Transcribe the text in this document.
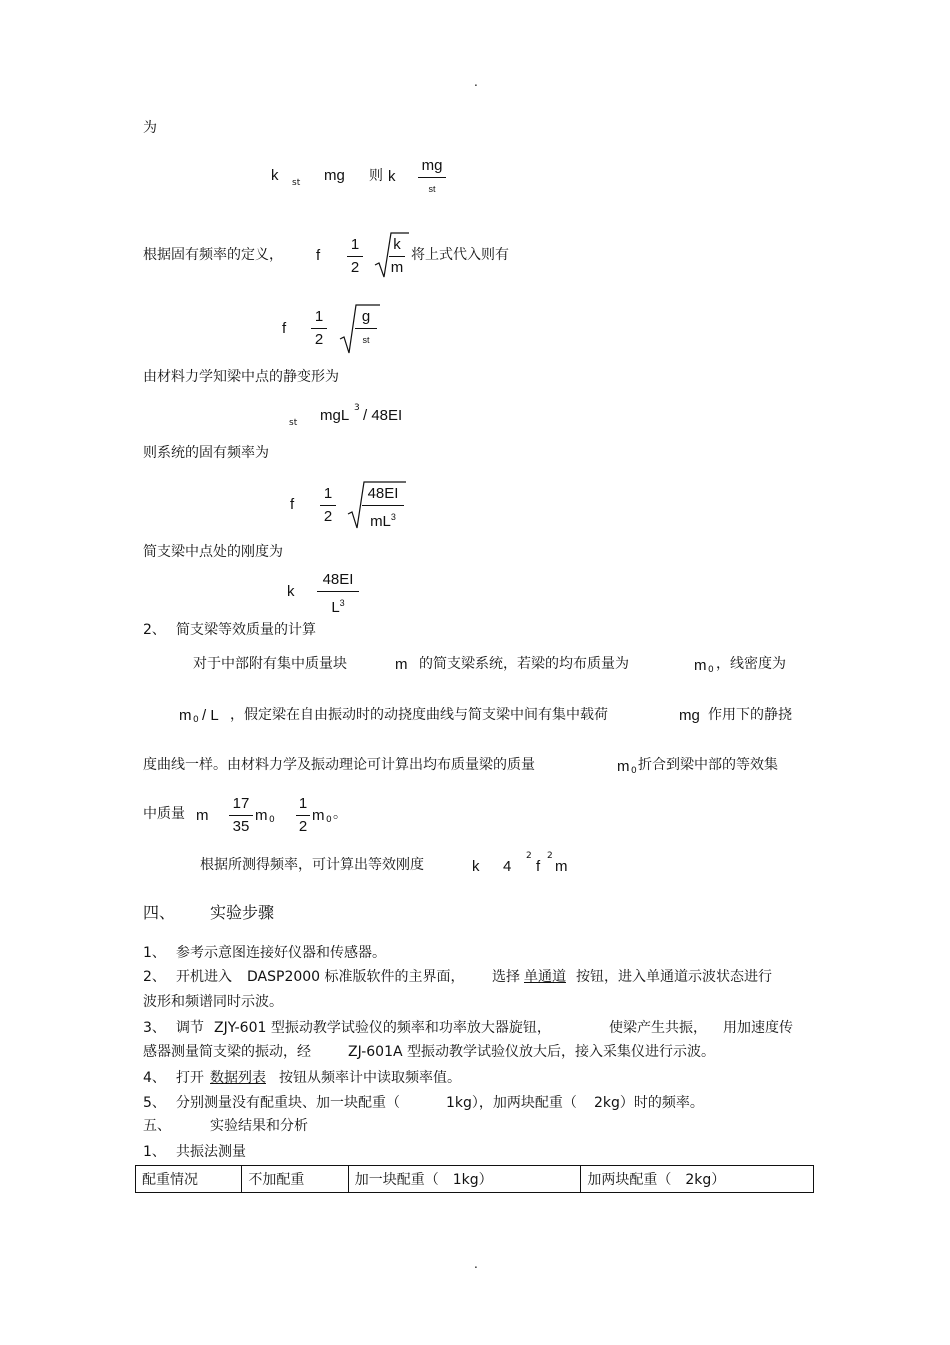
.
为
k st mg 则 k
mg
st
根据固有频率的定义， f
1
2
k
m
将上式代入则有
f
1
2
g
st
由材料力学知梁中点的静变形为
st mgL 3 / 48EI
则系统的固有频率为
f
1
2
48EI
$mL^3$
简支梁中点处的刚度为
k
48EI
$L^3$
2、 简支梁等效质量的计算
对于中部附有集中质量块	m 的简支梁系统，若梁的均布质量为	m 0 ，线密度为
m 0 / L ，假定梁在自由振动时的动挠度曲线与简支梁中间有集中载荷	mg 作用下的静挠
度曲线一样。由材料力学及振动理论可计算出均布质量梁的质量	m 0 折合到梁中部的等效集
中质量 m
17
35
m 0
1
2
m 0 。
根据所测得频率，可计算出等效刚度	k 4
2
f
2
m
四、 实验步骤
1、 参考示意图连接好仪器和传感器。
2、 开机进入 DASP2000 标准版软件的主界面， 选择 单通道 按钮，进入单通道示波状态进行
波形和频谱同时示波。
3、 调节 ZJY-601 型振动教学试验仪的频率和功率放大器旋钮，	使梁产生共振， 用加速度传
感器测量简支梁的振动，经	ZJ-601A 型振动教学试验仪放大后，接入采集仪进行示波。
4、 打开 数据列表 按钮从频率计中读取频率值。
5、 分别测量没有配重块、加一块配重（	1kg），加两块配重（ 2kg）时的频率。
五、	实验结果和分析
1、 共振法测量
配重情况	不加配重	加一块配重（　1kg）	加两块配重（　2kg）
.
